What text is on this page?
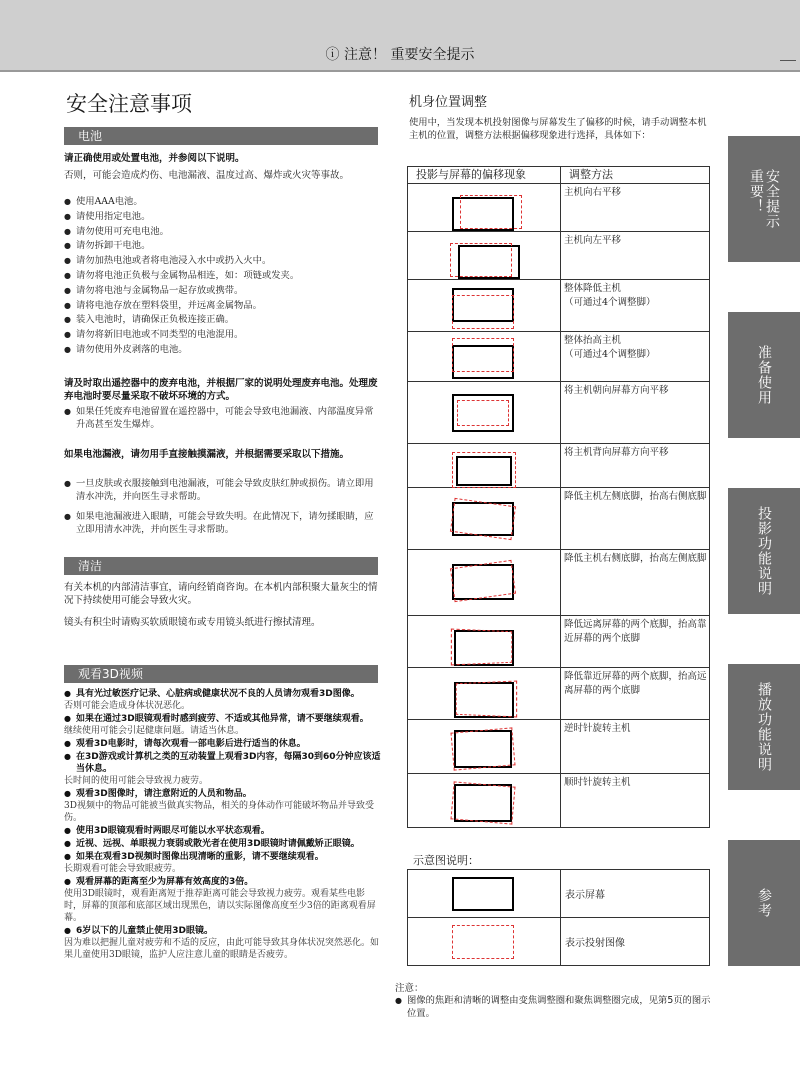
ⓘ 注意！ 重要安全提示
安全提示
重要！
准备使用
投影功能说明
播放功能说明
参考
安全注意事项
电池
请正确使用或处置电池，并参阅以下说明。
否则，可能会造成灼伤、电池漏液、温度过高、爆炸或火灾等事故。
● 使用AAA电池。
● 请使用指定电池。
● 请勿使用可充电电池。
● 请勿拆卸干电池。
● 请勿加热电池或者将电池浸入水中或扔入火中。
● 请勿将电池正负极与金属物品相连，如：项链或发夹。
● 请勿将电池与金属物品一起存放或携带。
● 请将电池存放在塑料袋里，并远离金属物品。
● 装入电池时，请确保正负极连接正确。
● 请勿将新旧电池或不同类型的电池混用。
● 请勿使用外皮剥落的电池。
请及时取出遥控器中的废弃电池，并根据厂家的说明处理废弃电池。处理废弃电池时要尽量采取不破坏环境的方式。
● 如果任凭废弃电池留置在遥控器中，可能会导致电池漏液、内部温度异常升高甚至发生爆炸。
如果电池漏液，请勿用手直接触摸漏液，并根据需要采取以下措施。
● 一旦皮肤或衣服接触到电池漏液，可能会导致皮肤红肿或损伤。请立即用清水冲洗，并向医生寻求帮助。
● 如果电池漏液进入眼睛，可能会导致失明。在此情况下，请勿揉眼睛，应立即用清水冲洗，并向医生寻求帮助。
清洁
有关本机的内部清洁事宜，请向经销商咨询。在本机内部积聚大量灰尘的情况下持续使用可能会导致火灾。
镜头有积尘时请购买软质眼镜布或专用镜头纸进行擦拭清理。
观看3D视频
● 具有光过敏医疗记录、心脏病或健康状况不良的人员请勿观看3D图像。
否则可能会造成身体状况恶化。
● 如果在通过3D眼镜观看时感到疲劳、不适或其他异常，请不要继续观看。
继续使用可能会引起健康问题。请适当休息。
● 观看3D电影时，请每次观看一部电影后进行适当的休息。
● 在3D游戏或计算机之类的互动装置上观看3D内容，每隔30到60分钟应该适当休息。
长时间的使用可能会导致视力疲劳。
● 观看3D图像时，请注意附近的人员和物品。
3D视频中的物品可能被当做真实物品，相关的身体动作可能破坏物品并导致受伤。
● 使用3D眼镜观看时两眼尽可能以水平状态观看。
● 近视、远视、单眼视力衰弱或散光者在使用3D眼镜时请佩戴矫正眼镜。
● 如果在观看3D视频时图像出现清晰的重影，请不要继续观看。
长期观看可能会导致眼疲劳。
● 观看屏幕的距离至少为屏幕有效高度的3倍。
使用3D眼镜时，观看距离短于推荐距离可能会导致视力疲劳。观看某些电影时，屏幕的顶部和底部区域出现黑色，请以实际图像高度至少3倍的距离观看屏幕。
● 6岁以下的儿童禁止使用3D眼镜。
因为难以把握儿童对疲劳和不适的反应，由此可能导致其身体状况突然恶化。如果儿童使用3D眼镜，监护人应注意儿童的眼睛是否疲劳。
机身位置调整
使用中，当发现本机投射图像与屏幕发生了偏移的时候，请手动调整本机主机的位置，调整方法根据偏移现象进行选择，具体如下：
投影与屏幕的偏移现象	调整方法

	主机向右平移

	主机向左平移

	整体降低主机
（可通过4个调整脚）

	整体抬高主机
（可通过4个调整脚）

	将主机朝向屏幕方向平移

	将主机背向屏幕方向平移

	降低主机左侧底脚，抬高右侧底脚

	降低主机右侧底脚，抬高左侧底脚

	降低远离屏幕的两个底脚，抬高靠近屏幕的两个底脚

	降低靠近屏幕的两个底脚，抬高远离屏幕的两个底脚

	逆时针旋转主机

	顺时针旋转主机
示意图说明：
	表示屏幕

	表示投射图像
注意：
● 图像的焦距和清晰的调整由变焦调整圈和聚焦调整圈完成，见第5页的图示位置。
